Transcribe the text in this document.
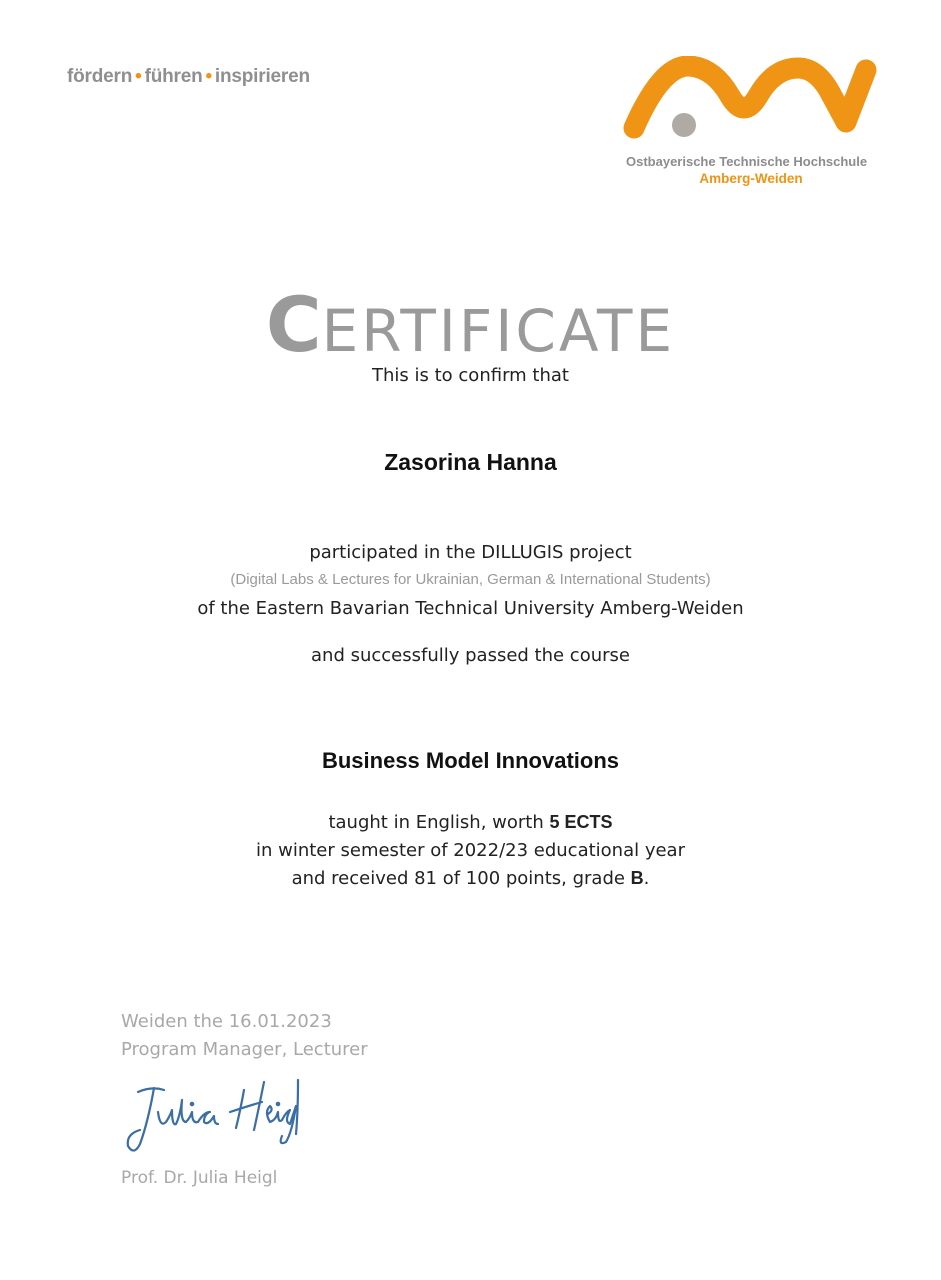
fördern • führen • inspirieren
Ostbayerische Technische Hochschule
Amberg-Weiden
CERTIFICATE
This is to confirm that
Zasorina Hanna
participated in the DILLUGIS project
(Digital Labs & Lectures for Ukrainian, German & International Students)
of the Eastern Bavarian Technical University Amberg-Weiden
and successfully passed the course
Business Model Innovations
taught in English, worth 5 ECTS
in winter semester of 2022/23 educational year
and received 81 of 100 points, grade B.
Weiden the 16.01.2023
Program Manager, Lecturer
Prof. Dr. Julia Heigl
